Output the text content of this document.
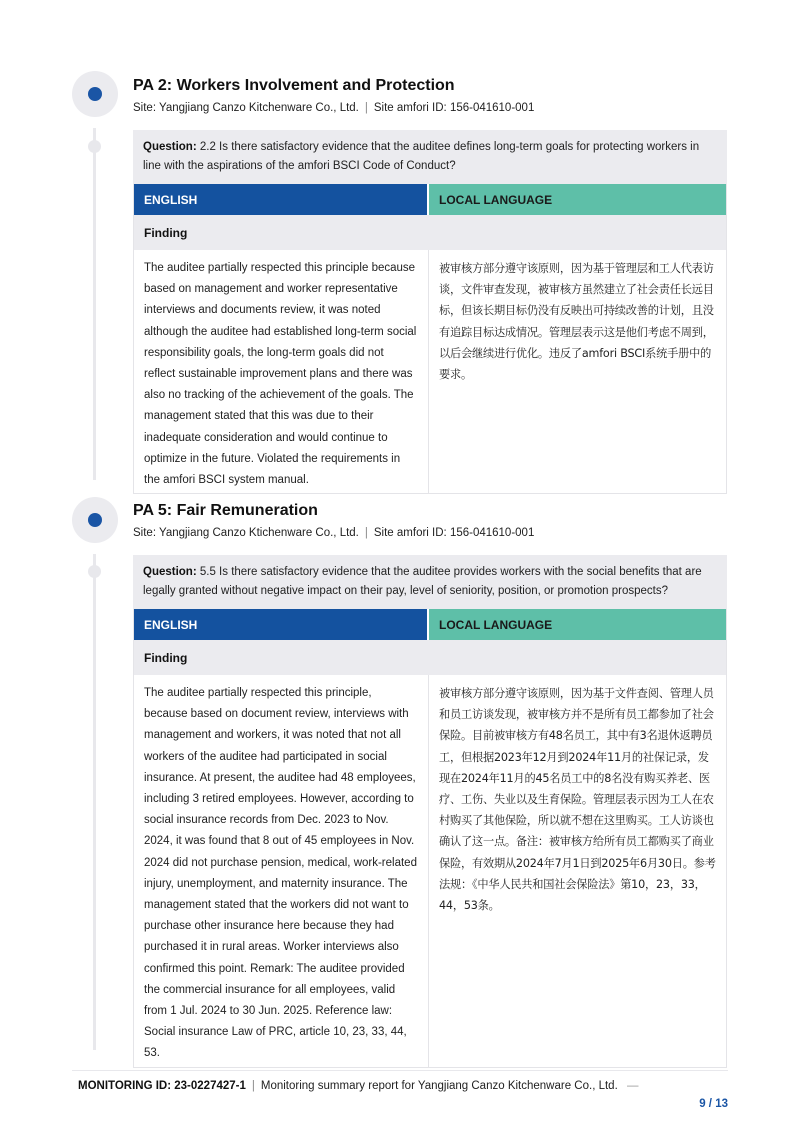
PA 2: Workers Involvement and Protection
Site: Yangjiang Canzo Kitchenware Co., Ltd. | Site amfori ID: 156-041610-001
Question: 2.2 Is there satisfactory evidence that the auditee defines long-term goals for protecting workers in line with the aspirations of the amfori BSCI Code of Conduct?
ENGLISH	LOCAL LANGUAGE
Finding
The auditee partially respected this principle because based on management and worker representative interviews and documents review, it was noted although the auditee had established long-term social responsibility goals, the long-term goals did not reflect sustainable improvement plans and there was also no tracking of the achievement of the goals. The management stated that this was due to their inadequate consideration and would continue to optimize in the future. Violated the requirements in the amfori BSCI system manual.
被审核方部分遵守该原则，因为基于管理层和工人代表访谈，文件审查发现，被审核方虽然建立了社会责任长远目标，但该长期目标仍没有反映出可持续改善的计划，且没有追踪目标达成情况。管理层表示这是他们考虑不周到，以后会继续进行优化。违反了amfori BSCI系统手册中的要求。
PA 5: Fair Remuneration
Site: Yangjiang Canzo Ktichenware Co., Ltd. | Site amfori ID: 156-041610-001
Question: 5.5 Is there satisfactory evidence that the auditee provides workers with the social benefits that are legally granted without negative impact on their pay, level of seniority, position, or promotion prospects?
ENGLISH	LOCAL LANGUAGE
Finding
The auditee partially respected this principle, because based on document review, interviews with management and workers, it was noted that not all workers of the auditee had participated in social insurance. At present, the auditee had 48 employees, including 3 retired employees. However, according to social insurance records from Dec. 2023 to Nov. 2024, it was found that 8 out of 45 employees in Nov. 2024 did not purchase pension, medical, work-related injury, unemployment, and maternity insurance. The management stated that the workers did not want to purchase other insurance here because they had purchased it in rural areas. Worker interviews also confirmed this point. Remark: The auditee provided the commercial insurance for all employees, valid from 1 Jul. 2024 to 30 Jun. 2025. Reference law: Social insurance Law of PRC, article 10, 23, 33, 44, 53.
被审核方部分遵守该原则，因为基于文件查阅、管理人员和员工访谈发现，被审核方并不是所有员工都参加了社会保险。目前被审核方有48名员工，其中有3名退休返聘员工，但根据2023年12月到2024年11月的社保记录，发现在2024年11月的45名员工中的8名没有购买养老、医疗、工伤、失业以及生育保险。管理层表示因为工人在农村购买了其他保险，所以就不想在这里购买。工人访谈也确认了这一点。备注：被审核方给所有员工都购买了商业保险，有效期从2024年7月1日到2025年6月30日。参考法规：《中华人民共和国社会保险法》第10，23，33，44，53条。
MONITORING ID: 23-0227427-1 | Monitoring summary report for Yangjiang Canzo Kitchenware Co., Ltd. —
9 / 13
